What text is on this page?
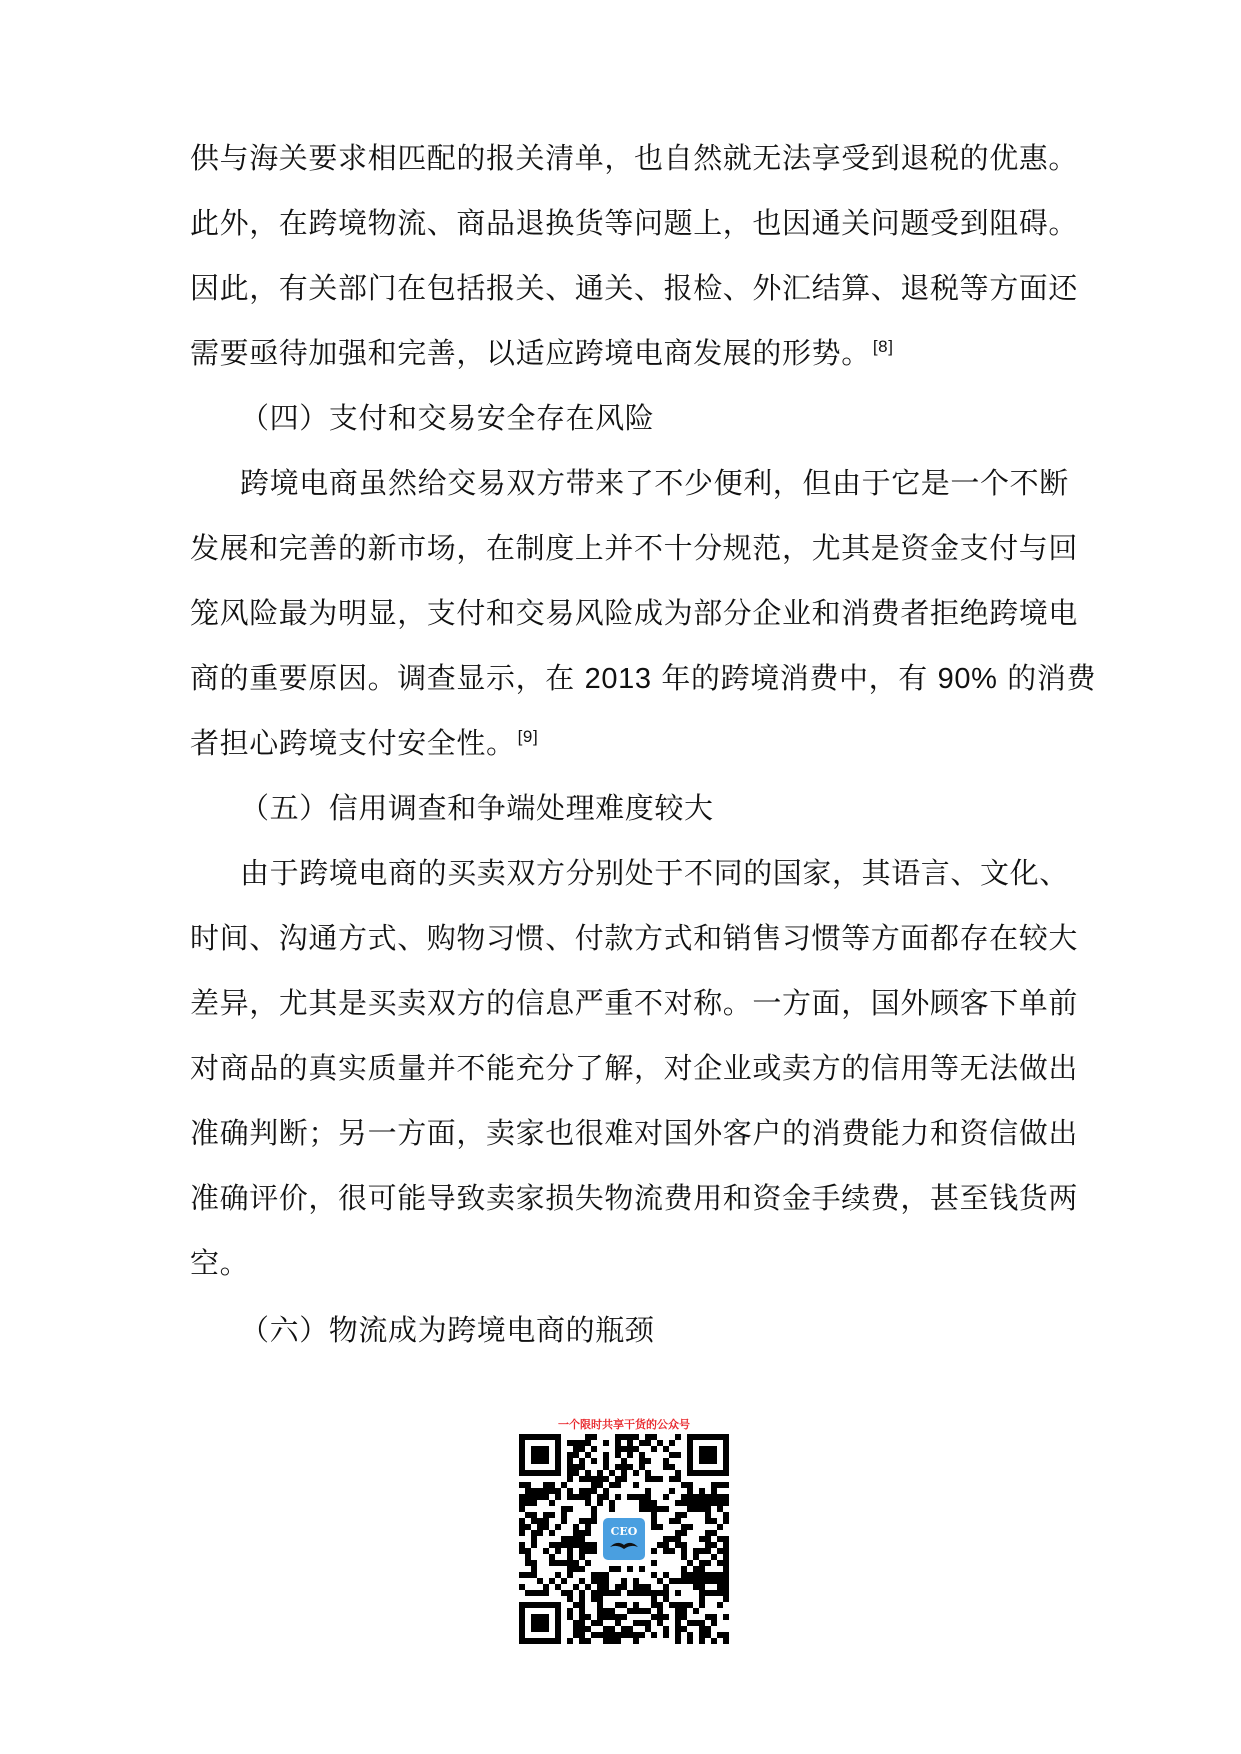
供与海关要求相匹配的报关清单，也自然就无法享受到退税的优惠。
此外，在跨境物流、商品退换货等问题上，也因通关问题受到阻碍。
因此，有关部门在包括报关、通关、报检、外汇结算、退税等方面还
需要亟待加强和完善，以适应跨境电商发展的形势。 [8]
（四）支付和交易安全存在风险
跨境电商虽然给交易双方带来了不少便利，但由于它是一个不断
发展和完善的新市场，在制度上并不十分规范，尤其是资金支付与回
笼风险最为明显，支付和交易风险成为部分企业和消费者拒绝跨境电
商的重要原因。调查显示，在 2013 年的跨境消费中，有 90% 的消费
者担心跨境支付安全性。 [9]
（五）信用调查和争端处理难度较大
由于跨境电商的买卖双方分别处于不同的国家，其语言、文化、
时间、沟通方式、购物习惯、付款方式和销售习惯等方面都存在较大
差异，尤其是买卖双方的信息严重不对称。一方面，国外顾客下单前
对商品的真实质量并不能充分了解，对企业或卖方的信用等无法做出
准确判断；另一方面，卖家也很难对国外客户的消费能力和资信做出
准确评价，很可能导致卖家损失物流费用和资金手续费，甚至钱货两
空。
（六）物流成为跨境电商的瓶颈
一个限时共享干货的公众号
CEO
